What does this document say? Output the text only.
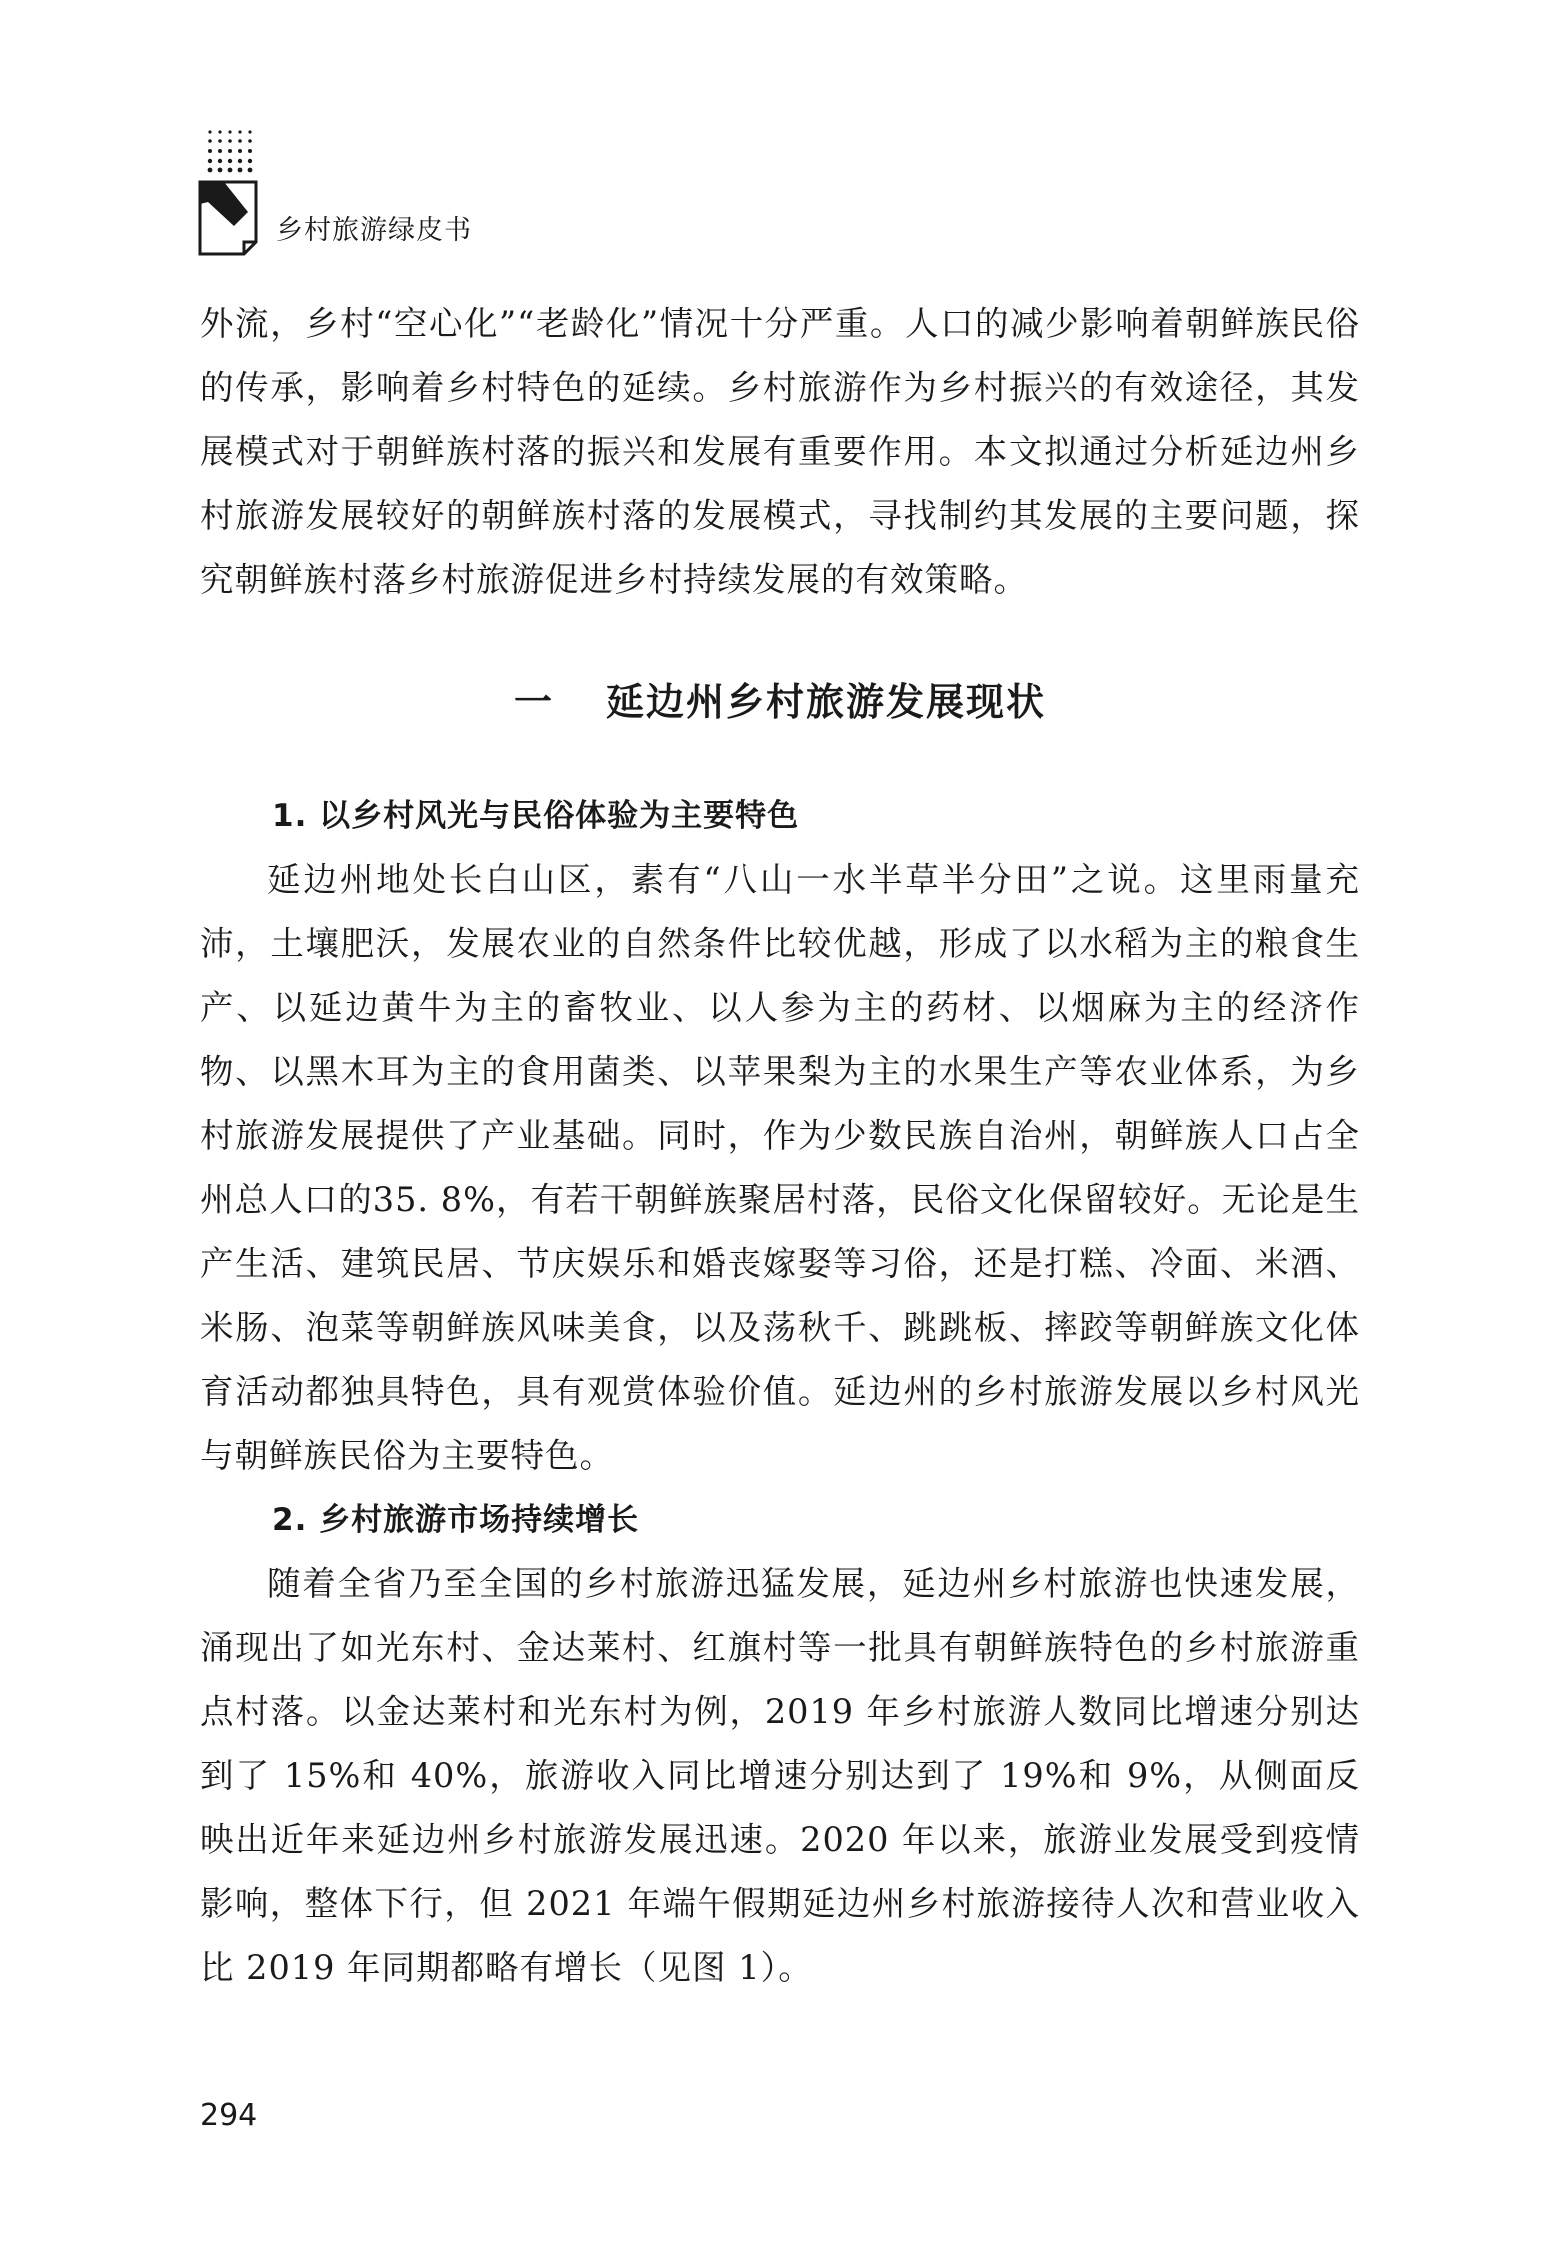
乡村旅游绿皮书

外流，乡村“空心化”“老龄化”情况十分严重。人口的减少影响着朝鲜族民俗的传承，影响着乡村特色的延续。乡村旅游作为乡村振兴的有效途径，其发展模式对于朝鲜族村落的振兴和发展有重要作用。本文拟通过分析延边州乡村旅游发展较好的朝鲜族村落的发展模式，寻找制约其发展的主要问题，探究朝鲜族村落乡村旅游促进乡村持续发展的有效策略。

一 延边州乡村旅游发展现状
1. 以乡村风光与民俗体验为主要特色

延边州地处长白山区，素有“八山一水半草半分田”之说。这里雨量充沛，土壤肥沃，发展农业的自然条件比较优越，形成了以水稻为主的粮食生产、以延边黄牛为主的畜牧业、以人参为主的药材、以烟麻为主的经济作物、以黑木耳为主的食用菌类、以苹果梨为主的水果生产等农业体系，为乡村旅游发展提供了产业基础。同时，作为少数民族自治州，朝鲜族人口占全州总人口的35. 8%，有若干朝鲜族聚居村落，民俗文化保留较好。无论是生产生活、建筑民居、节庆娱乐和婚丧嫁娶等习俗，还是打糕、冷面、米酒、米肠、泡菜等朝鲜族风味美食，以及荡秋千、跳跳板、摔跤等朝鲜族文化体育活动都独具特色，具有观赏体验价值。延边州的乡村旅游发展以乡村风光与朝鲜族民俗为主要特色。

2. 乡村旅游市场持续增长

随着全省乃至全国的乡村旅游迅猛发展，延边州乡村旅游也快速发展，涌现出了如光东村、金达莱村、红旗村等一批具有朝鲜族特色的乡村旅游重点村落。以金达莱村和光东村为例，2019 年乡村旅游人数同比增速分别达到了 15%和 40%，旅游收入同比增速分别达到了 19%和 9%，从侧面反映出近年来延边州乡村旅游发展迅速。2020 年以来，旅游业发展受到疫情影响，整体下行，但 2021 年端午假期延边州乡村旅游接待人次和营业收入比 2019 年同期都略有增长（见图 1）。

294
